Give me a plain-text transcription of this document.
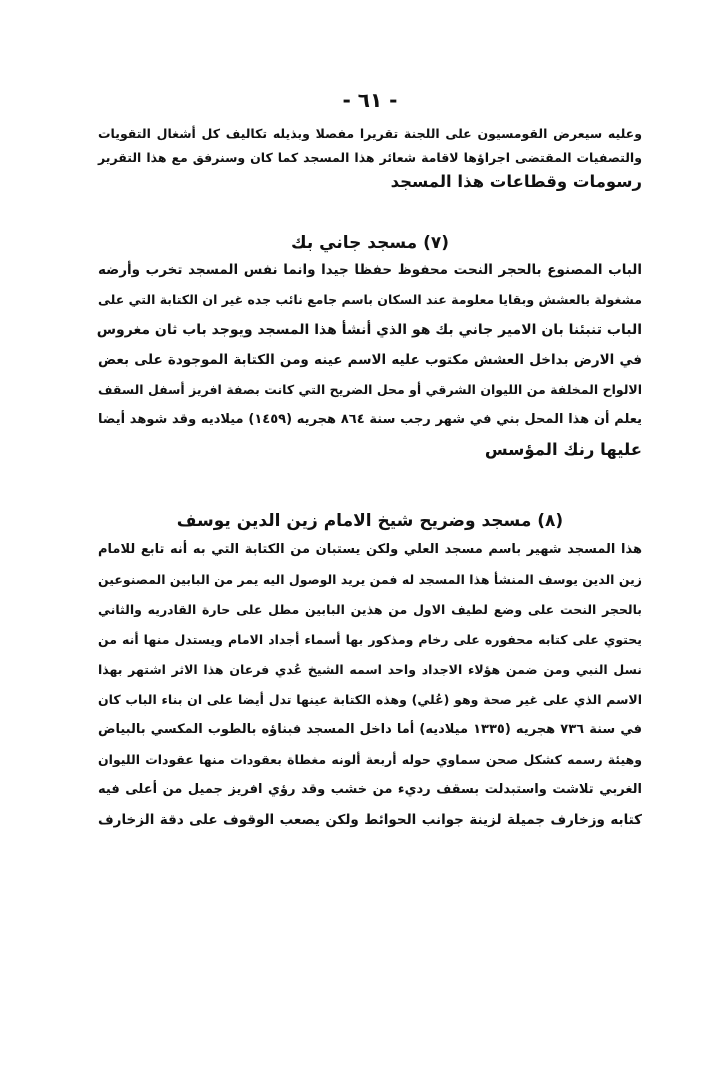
- ٦١ -
وعليه سيعرض القومسيون على اللجنة تقريرا مفصلا وبذيله تكاليف كل أشغال التقويات
والتصفيات المقتضى اجراؤها لاقامة شعائر هذا المسجد كما كان وسنرفق مع هذا التقرير
رسومات وقطاعات هذا المسجد
(٧) مسجد جاني بك
الباب المصنوع بالحجر النحت محفوظ حفظا جيدا وانما نفس المسجد تخرب وأرضه
مشغولة بالعشش وبقايا معلومة عند السكان باسم جامع نائب جده غير ان الكتابة التي على
الباب تنبئنا بان الامير جاني بك هو الذي أنشأ هذا المسجد ويوجد باب ثان مغروس
في الارض بداخل العشش مكتوب عليه الاسم عينه ومن الكتابة الموجودة على بعض
الالواح المخلفة من الليوان الشرقي أو محل الضريح التي كانت بصفة افريز أسفل السقف
يعلم أن هذا المحل بني في شهر رجب سنة ٨٦٤ هجريه (١٤٥٩) ميلاديه وقد شوهد أيضا
عليها رنك المؤسس
(٨) مسجد وضريح شيخ الامام زين الدين يوسف
هذا المسجد شهير باسم مسجد العلي ولكن يستبان من الكتابة التي به أنه تابع للامام
زين الدين يوسف المنشأ هذا المسجد له فمن يريد الوصول اليه يمر من البابين المصنوعين
بالحجر النحت على وضع لطيف الاول من هذين البابين مطل على حارة القادريه والثاني
يحتوي على كتابه محفوره على رخام ومذكور بها أسماء أجداد الامام ويستدل منها أنه من
نسل النبي ومن ضمن هؤلاء الاجداد واحد اسمه الشيخ عُدي فرعان هذا الاثر اشتهر بهذا
الاسم الذي على غير صحة وهو (عُلي) وهذه الكتابة عينها تدل أيضا على ان بناء الباب كان
في سنة ٧٣٦ هجريه (١٣٣٥ ميلاديه) أما داخل المسجد فبناؤه بالطوب المكسي بالبياض
وهيئة رسمه كشكل صحن سماوي حوله أربعة ألونه مغطاة بعقودات منها عقودات الليوان
الغربي تلاشت واستبدلت بسقف رديء من خشب وقد رؤي افريز جميل من أعلى فيه
كتابه وزخارف جميلة لزينة جوانب الحوائط ولكن يصعب الوقوف على دقة الزخارف
